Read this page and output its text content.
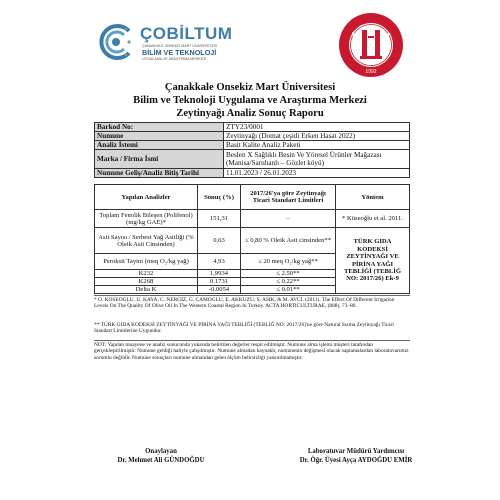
ÇOBİLTUM
ÇANAKKALE ONSEKİZ MART ÜNİVERSİTESİ
BİLİM VE TEKNOLOJİ
UYGULAMA VE ARAŞTIRMA MERKEZİ
1992
Çanakkale Onsekiz Mart Üniversitesi
Bilim ve Teknoloji Uygulama ve Araştırma Merkezi
Zeytinyağı Analiz Sonuç Raporu
Barkod No:	ZTY23/0001
Numune	Zeytinyağı (Domat çeşidi Erken Hasat 2022)
Analiz İstemi	Basit Kalite Analiz Paketi
Marka / Firma İsmi	Beslen X Sağlıklı Besin Ve Yöresel Ürünler Mağazası (Manisa/Saruhanlı – Gözlet köyü)
Numune Geliş/Analiz Bitiş Tarihi	11.01.2023 / 26.01.2023
Yapılan Analizler	Sonuç (%)	2017/26'ya göre Zeytinyağı Ticari Standart Limitleri	Yöntem
Toplam Fenolik Bileşen (Polifenol) (mg/kg GAE)*	151,31	–	* Küseoğlu et al. 2011.
Asit Sayısı / Serbest Yağ Asitliği (% Oleik Asit Cinsinden)	0.63	≤ 0,80 % Oleik Asit cinsinden**	TÜRK GIDA KODEKSİ ZEYTİNYAĞI VE PİRİNA YAĞI TEBLİĞİ (TEBLİĞ NO: 2017/26) Ek-9
Peroksit Tayini (meq O₂/kg yağ)	4,93	≤ 20 meq O₂/kg yağ**	
K232	1,9934	≤ 2.50**	
K268	0.1731	≤ 0.22**	
Delta K	-0.0054	≤ 0.01**	
* O. KOSEOGLU, U. KAYA, C. NERGIZ, G. CAMOGLU, E. AKKUZU, S. ASIK, & M. AVCI. (2011). The Effect Of Different Irrigation Levels On The Quality Of Olive Oil In The Western Coastal Region In Turkey. ACTA HORTICULTURAE, (888), 73–80.
** TÜRK GIDA KODEKSİ ZEYTİNYAĞI VE PİRİNA YAĞI TEBLİĞİ (TEBLİĞ NO: 2017/26)'ne göre Natural Sızma Zeytinyağı Ticari Standart Limitlerine Uygundur.
NOT: Yapılan muayene ve analiz sonucunda yukarıda belirtilen değerler tespit edilmiştir. Numune alma işlemi müşteri tarafından gerçekleştirilmiştir. Numune geldiği haliyle çalışılmıştır. Numune almadan kaynaklı, numunenin değişmesi olacak saptamalardan laboratuvarımız sorumlu değildir. Numune sonuçları numune alınandan gelen ölçüm belirsizliği yansıtılmamıştır.
Onaylayan
Dr. Mehmet Ali GÜNDOĞDU
Laboratuvar Müdürü Yardımcısı
Dr. Öğr. Üyesi Ayça AYDOĞDU EMİR
